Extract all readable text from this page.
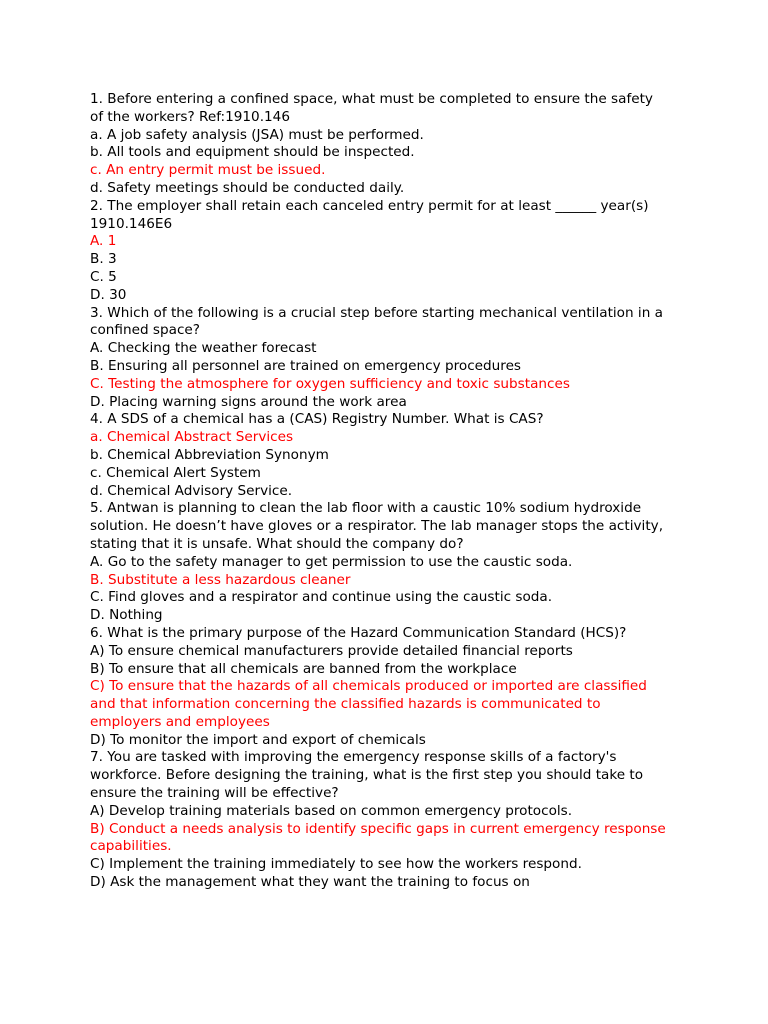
1. Before entering a confined space, what must be completed to ensure the safety
of the workers? Ref:1910.146
a. A job safety analysis (JSA) must be performed.
b. All tools and equipment should be inspected.
c. An entry permit must be issued.
d. Safety meetings should be conducted daily.
2. The employer shall retain each canceled entry permit for at least ______ year(s)
1910.146E6
A. 1
B. 3
C. 5
D. 30
3. Which of the following is a crucial step before starting mechanical ventilation in a
confined space?
A. Checking the weather forecast
B. Ensuring all personnel are trained on emergency procedures
C. Testing the atmosphere for oxygen sufficiency and toxic substances
D. Placing warning signs around the work area
4. A SDS of a chemical has a (CAS) Registry Number. What is CAS?
a. Chemical Abstract Services
b. Chemical Abbreviation Synonym
c. Chemical Alert System
d. Chemical Advisory Service.
5. Antwan is planning to clean the lab floor with a caustic 10% sodium hydroxide
solution. He doesn’t have gloves or a respirator. The lab manager stops the activity,
stating that it is unsafe. What should the company do?
A. Go to the safety manager to get permission to use the caustic soda.
B. Substitute a less hazardous cleaner
C. Find gloves and a respirator and continue using the caustic soda.
D. Nothing
6. What is the primary purpose of the Hazard Communication Standard (HCS)?
A) To ensure chemical manufacturers provide detailed financial reports
B) To ensure that all chemicals are banned from the workplace
C) To ensure that the hazards of all chemicals produced or imported are classified
and that information concerning the classified hazards is communicated to
employers and employees
D) To monitor the import and export of chemicals
7. You are tasked with improving the emergency response skills of a factory's
workforce. Before designing the training, what is the first step you should take to
ensure the training will be effective?
A) Develop training materials based on common emergency protocols.
B) Conduct a needs analysis to identify specific gaps in current emergency response
capabilities.
C) Implement the training immediately to see how the workers respond.
D) Ask the management what they want the training to focus on
